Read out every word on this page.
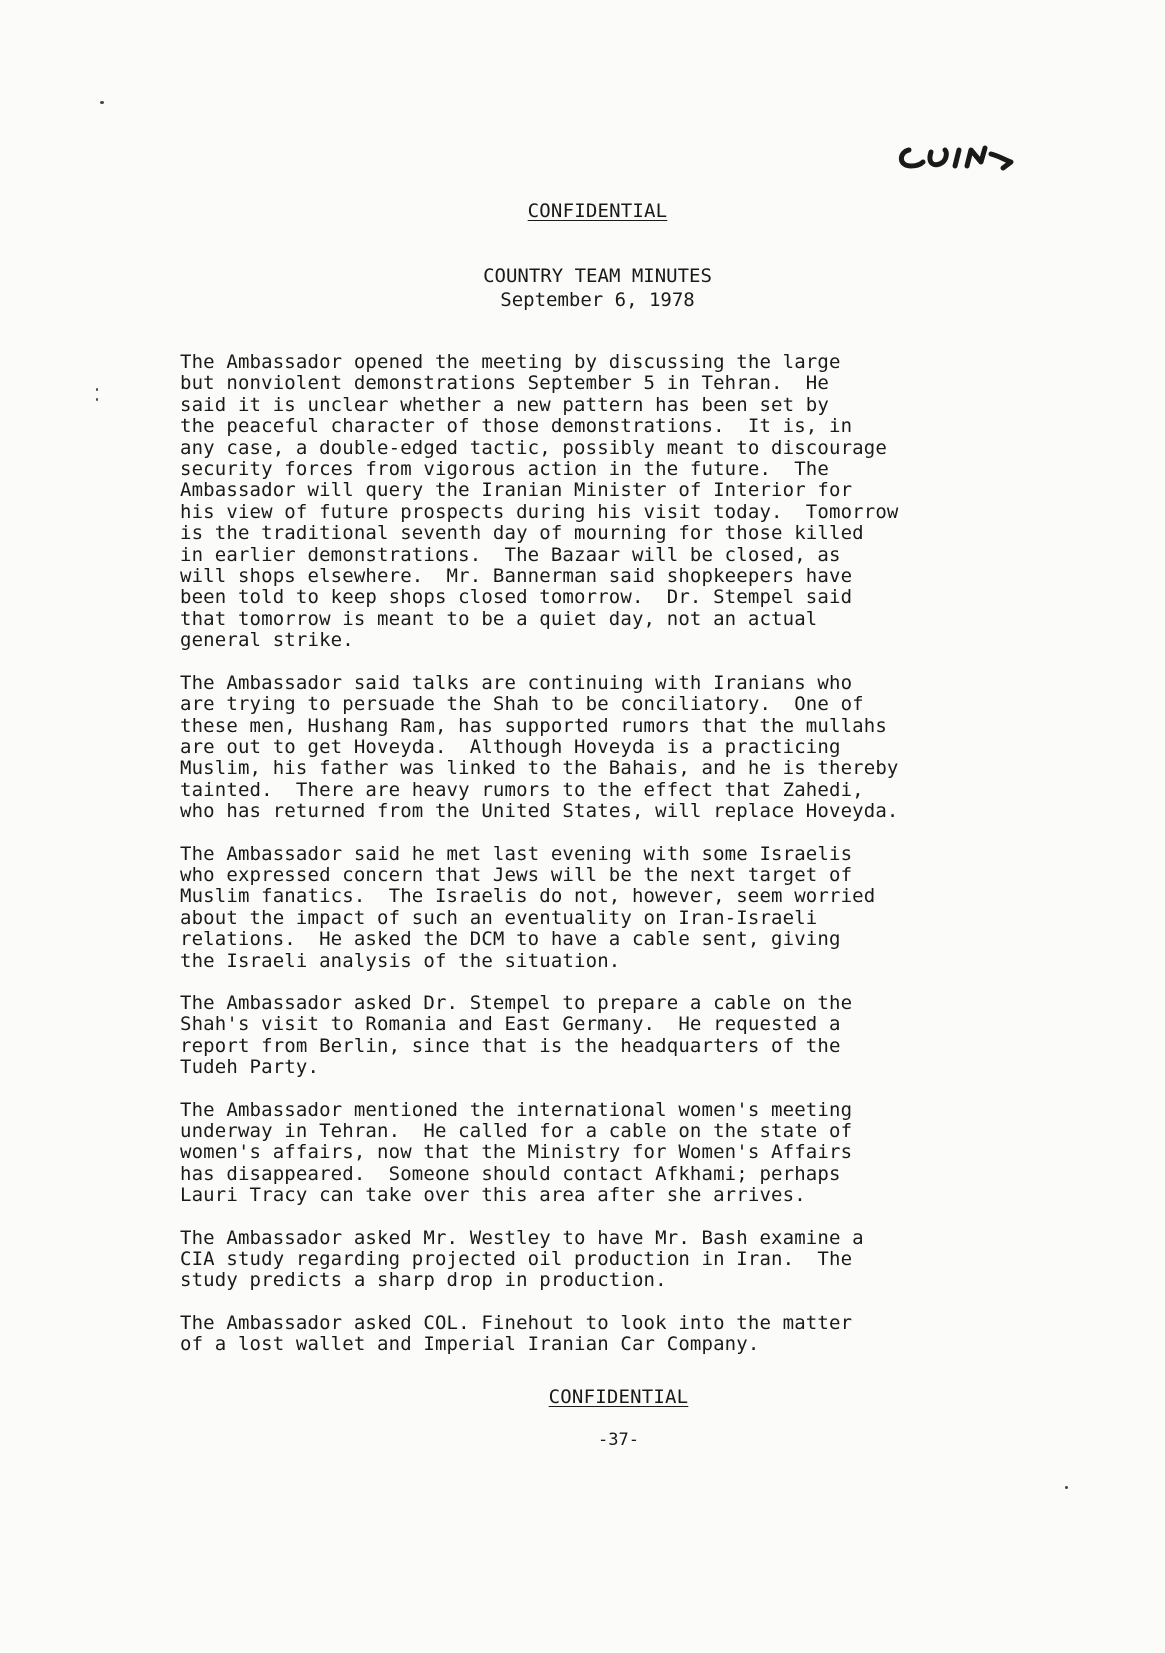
CONFIDENTIAL
COUNTRY TEAM MINUTES
September 6, 1978
The Ambassador opened the meeting by discussing the large
but nonviolent demonstrations September 5 in Tehran.  He
said it is unclear whether a new pattern has been set by
the peaceful character of those demonstrations.  It is, in
any case, a double-edged tactic, possibly meant to discourage
security forces from vigorous action in the future.  The
Ambassador will query the Iranian Minister of Interior for
his view of future prospects during his visit today.  Tomorrow
is the traditional seventh day of mourning for those killed
in earlier demonstrations.  The Bazaar will be closed, as
will shops elsewhere.  Mr. Bannerman said shopkeepers have
been told to keep shops closed tomorrow.  Dr. Stempel said
that tomorrow is meant to be a quiet day, not an actual
general strike.
The Ambassador said talks are continuing with Iranians who
are trying to persuade the Shah to be conciliatory.  One of
these men, Hushang Ram, has supported rumors that the mullahs
are out to get Hoveyda.  Although Hoveyda is a practicing
Muslim, his father was linked to the Bahais, and he is thereby
tainted.  There are heavy rumors to the effect that Zahedi,
who has returned from the United States, will replace Hoveyda.
The Ambassador said he met last evening with some Israelis
who expressed concern that Jews will be the next target of
Muslim fanatics.  The Israelis do not, however, seem worried
about the impact of such an eventuality on Iran-Israeli
relations.  He asked the DCM to have a cable sent, giving
the Israeli analysis of the situation.
The Ambassador asked Dr. Stempel to prepare a cable on the
Shah's visit to Romania and East Germany.  He requested a
report from Berlin, since that is the headquarters of the
Tudeh Party.
The Ambassador mentioned the international women's meeting
underway in Tehran.  He called for a cable on the state of
women's affairs, now that the Ministry for Women's Affairs
has disappeared.  Someone should contact Afkhami; perhaps
Lauri Tracy can take over this area after she arrives.
The Ambassador asked Mr. Westley to have Mr. Bash examine a
CIA study regarding projected oil production in Iran.  The
study predicts a sharp drop in production.
The Ambassador asked COL. Finehout to look into the matter
of a lost wallet and Imperial Iranian Car Company.
CONFIDENTIAL
-37-
